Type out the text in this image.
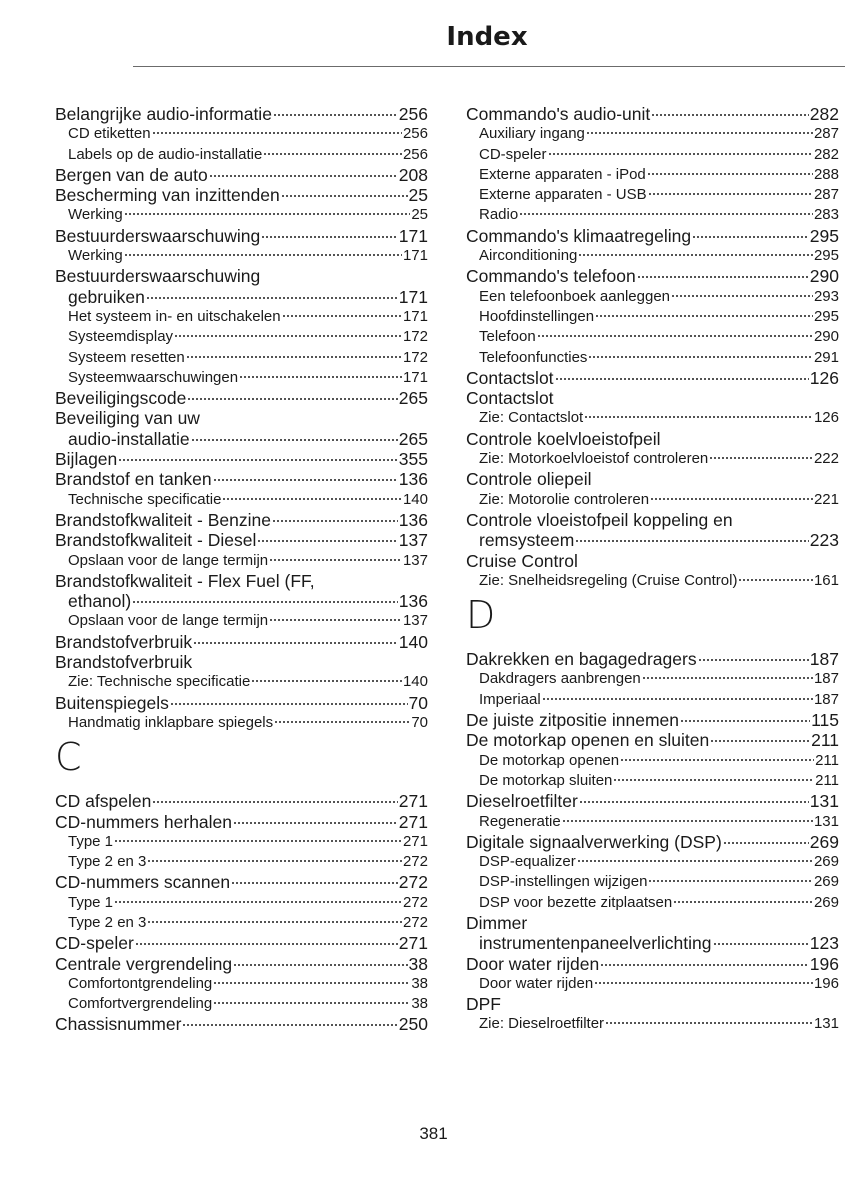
Index
Belangrijke audio-informatie	256
CD etiketten	256
Labels op de audio-installatie	256
Bergen van de auto	208
Bescherming van inzittenden	25
Werking	25
Bestuurderswaarschuwing	171
Werking	171
Bestuurderswaarschuwing
gebruiken	171
Het systeem in- en uitschakelen	171
Systeemdisplay	172
Systeem resetten	172
Systeemwaarschuwingen	171
Beveiligingscode	265
Beveiliging van uw
audio-installatie	265
Bijlagen	355
Brandstof en tanken	136
Technische specificatie	140
Brandstofkwaliteit - Benzine	136
Brandstofkwaliteit - Diesel	137
Opslaan voor de lange termijn	137
Brandstofkwaliteit - Flex Fuel (FF,
ethanol)	136
Opslaan voor de lange termijn	137
Brandstofverbruik	140
Brandstofverbruik
Zie: Technische specificatie	140
Buitenspiegels	70
Handmatig inklapbare spiegels	70
C
CD afspelen	271
CD-nummers herhalen	271
Type 1	271
Type 2 en 3	272
CD-nummers scannen	272
Type 1	272
Type 2 en 3	272
CD-speler	271
Centrale vergrendeling	38
Comfortontgrendeling	38
Comfortvergrendeling	38
Chassisnummer	250
Commando's audio-unit	282
Auxiliary ingang	287
CD-speler	282
Externe apparaten - iPod	288
Externe apparaten - USB	287
Radio	283
Commando's klimaatregeling	295
Airconditioning	295
Commando's telefoon	290
Een telefoonboek aanleggen	293
Hoofdinstellingen	295
Telefoon	290
Telefoonfuncties	291
Contactslot	126
Contactslot
Zie: Contactslot	126
Controle koelvloeistofpeil
Zie: Motorkoelvloeistof controleren	222
Controle oliepeil
Zie: Motorolie controleren	221
Controle vloeistofpeil koppeling en
remsysteem	223
Cruise Control
Zie: Snelheidsregeling (Cruise Control)	161
D
Dakrekken en bagagedragers	187
Dakdragers aanbrengen	187
Imperiaal	187
De juiste zitpositie innemen	115
De motorkap openen en sluiten	211
De motorkap openen	211
De motorkap sluiten	211
Dieselroetfilter	131
Regeneratie	131
Digitale signaalverwerking (DSP)	269
DSP-equalizer	269
DSP-instellingen wijzigen	269
DSP voor bezette zitplaatsen	269
Dimmer
instrumentenpaneelverlichting	123
Door water rijden	196
Door water rijden	196
DPF
Zie: Dieselroetfilter	131
381
